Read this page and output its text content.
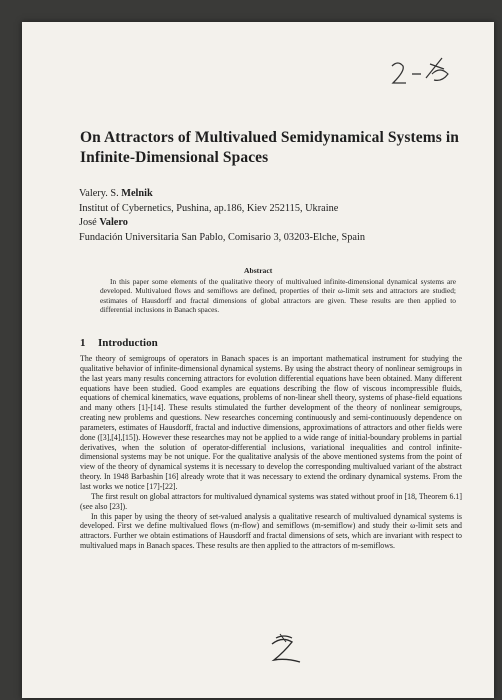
On Attractors of Multivalued Semidynamical Systems in Infinite-Dimensional Spaces
Valery. S. Melnik
Institut of Cybernetics, Pushina, ap.186, Kiev 252115, Ukraine
José Valero
Fundación Universitaria San Pablo, Comisario 3, 03203-Elche, Spain
Abstract

In this paper some elements of the qualitative theory of multivalued infinite-dimensional dynamical systems are developed. Multivalued flows and semiflows are defined, properties of their ω-limit sets and attractors are studied; estimates of Hausdorff and fractal dimensions of global attractors are given. These results are then applied to differential inclusions in Banach spaces.

1 Introduction

The theory of semigroups of operators in Banach spaces is an important mathematical instrument for studying the qualitative behavior of infinite-dimensional dynamical systems. By using the abstract theory of nonlinear semigroups in the last years many results concerning attractors for evolution differential equations have been obtained. Many different equations have been studied. Good examples are equations describing the flow of viscous incompressible fluids, equations of chemical kinematics, wave equations, problems of non-linear shell theory, systems of phase-field equations and many others [1]-[14]. These results stimulated the further development of the theory of nonlinear semigroups, creating new problems and questions. New researches concerning continuously and semi-continuously dependence on parameters, estimates of Hausdorff, fractal and inductive dimensions, approximations of attractors and other fields were done ([3],[4],[15]). However these researches may not be applied to a wide range of initial-boundary problems in partial derivatives, when the solution of operator-differential inclusions, variational inequalities and control infinite-dimensional systems may be not unique. For the qualitative analysis of the above mentioned systems from the point of view of the theory of dynamical systems it is necessary to develop the corresponding multivalued variant of the abstract theory. In 1948 Barbashin [16] already wrote that it was necessary to extend the ordinary dynamical systems. From the last works we notice [17]-[22].

The first result on global attractors for multivalued dynamical systems was stated without proof in [18, Theorem 6.1] (see also [23]).

In this paper by using the theory of set-valued analysis a qualitative research of multivalued dynamical systems is developed. First we define multivalued flows (m-flow) and semiflows (m-semiflow) and study their ω-limit sets and attractors. Further we obtain estimations of Hausdorff and fractal dimensions of sets, which are invariant with respect to multivalued maps in Banach spaces. These results are then applied to the attractors of m-semiflows.
